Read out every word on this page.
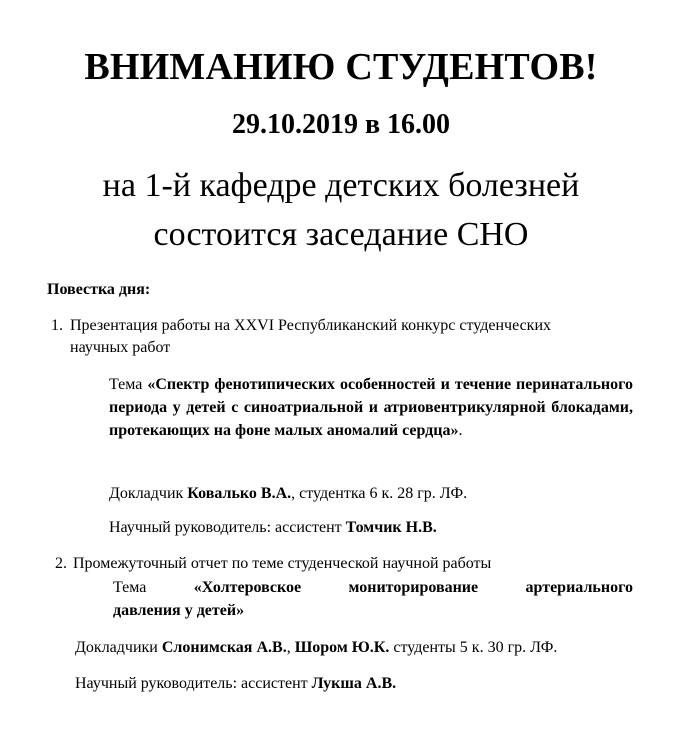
ВНИМАНИЮ СТУДЕНТОВ!
29.10.2019 в 16.00
на 1-й кафедре детских болезней
состоится заседание СНО
Повестка дня:
1. Презентация работы на XXVI Республиканский конкурс студенческих
научных работ
Тема «Спектр фенотипических особенностей и течение перинатального периода у детей с синоатриальной и атриовентрикулярной блокадами, протекающих на фоне малых аномалий сердца».
Докладчик Ковалько В.А., студентка 6 к. 28 гр. ЛФ.
Научный руководитель: ассистент Томчик Н.В.
2. Промежуточный отчет по теме студенческой научной работы
Тема	«Холтеровское	мониторирование	артериального
давления у детей»
Докладчики Слонимская А.В., Шором Ю.К. студенты 5 к. 30 гр. ЛФ.
Научный руководитель: ассистент Лукша А.В.
